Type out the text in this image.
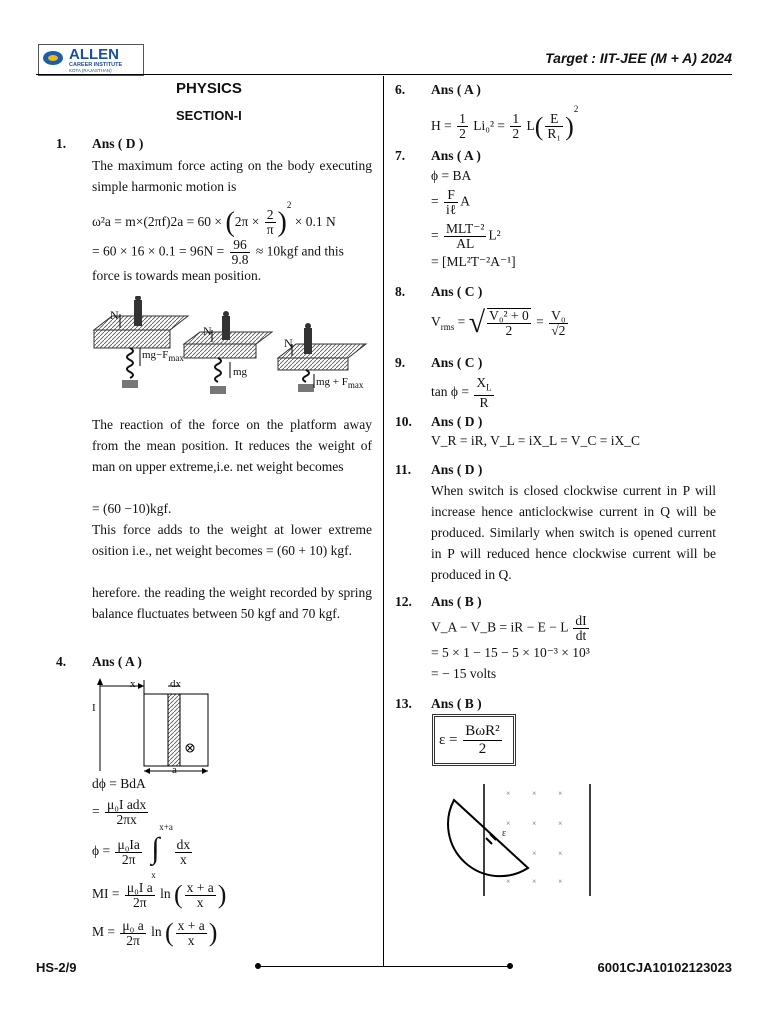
ALLEN
CAREER INSTITUTE
KOTA (RAJASTHAN)
Target : IIT-JEE (M + A) 2024
PHYSICS
SECTION-I
1. Ans ( D )
The maximum force acting on the body executing simple harmonic motion is
$\omega^2a = m\times(2\pi f)2a = 60 \times (2\pi \times \frac{2}{\pi} )^2 \times 0.1$ N
= $60 \times 16 \times 0.1 = 96N = \frac{96}{9.8} \approx 10kgf$ and this
force is towards mean position.
N
N
N
$mg-F_{max}$
mg
mg + $F_{max}$
The reaction of the force on the platform away from the mean position. It reduces the weight of man on upper extreme,i.e. net weight becomes
= (60 −10)kgf.
This force adds to the weight at lower extreme osition i.e., net weight becomes = (60 + 10) kgf.
herefore. the reading the weight recorded by spring balance fluctuates between 50 kgf and 70 kgf.
4. Ans ( A )
x	dx
I
a
dϕ = BdA
= $\frac{\text{μ₀I adx}}{2\pi x}$
$\phi = \frac{\text{μ₀Ia}}{2\pi}$
∫
x+a
x

$\frac{dx}{x}$
MI = $\frac{\text{μ₀I a}}{2\pi}$ ln ( $\frac{x + a}{x}$ )
$M = \frac{\text{μ₀ a}}{2\pi}$ ln ( $\frac{x + a}{x}$ )
6. Ans ( A )
$H = \frac{1}{2} Li_0^2 = \frac{1}{2} L( \frac{E}{\text{R₁}} )^2$
7. Ans ( A )
ϕ = BA
= $\frac{F}{\text{iℓ}}$ A
= $\frac{\text{MLT⁻²}}{AL} L^2$
= [ML²T⁻²A⁻¹]
8. Ans ( C )
$V_{rms}$ = √ $\frac{\text{V₀² + 0}}{2} = \frac{\text{V₀}}{√2}$
9. Ans ( C )
$\tan \phi = \frac{X_L}{R}$
10. Ans ( D )
V_R = iR, V_L = iX_L = V_C = iX_C
11. Ans ( D )
When switch is closed clockwise current in P will increase hence anticlockwise current in Q will be produced. Similarly when switch is opened current in P will reduced hence clockwise current will be produced in Q.
12. Ans ( B )
V_A − V_B = iR − E − L $\frac{dI}{dt}$
= 5 × 1 − 15 − 5 × 10⁻³ × 10³
= − 15 volts
13. Ans ( B )
$\varepsilon = \frac{\text{BωR²}}{2}$
×	×	×
×	×	×
×	×
×	×	×
ε
HS-2/9	6001CJA10102123023
